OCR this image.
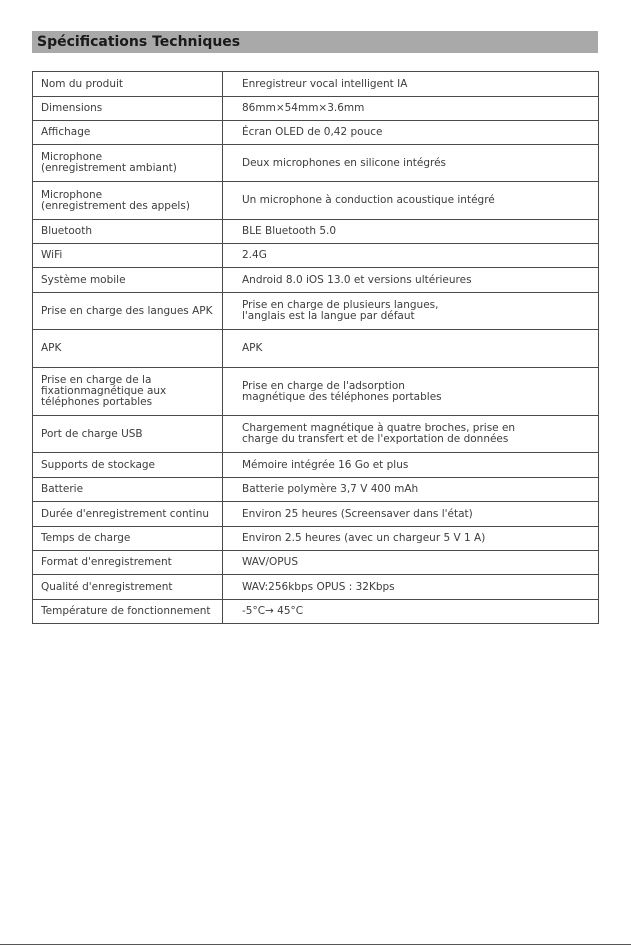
Spécifications Techniques
Nom du produit	Enregistreur vocal intelligent IA
Dimensions	86mm×54mm×3.6mm
Affichage	Écran OLED de 0,42 pouce
Microphone
(enregistrement ambiant)	Deux microphones en silicone intégrés
Microphone
(enregistrement des appels)	Un microphone à conduction acoustique intégré
Bluetooth	BLE Bluetooth 5.0
WiFi	2.4G
Système mobile	Android 8.0 iOS 13.0 et versions ultérieures
Prise en charge des langues APK	Prise en charge de plusieurs langues,
l'anglais est la langue par défaut
APK	APK
Prise en charge de la
fixationmagnétique aux
téléphones portables	Prise en charge de l'adsorption
magnétique des téléphones portables
Port de charge USB	Chargement magnétique à quatre broches, prise en
charge du transfert et de l'exportation de données
Supports de stockage	Mémoire intégrée 16 Go et plus
Batterie	Batterie polymère 3,7 V 400 mAh
Durée d'enregistrement continu	Environ 25 heures (Screensaver dans l'état)
Temps de charge	Environ 2.5 heures (avec un chargeur 5 V 1 A)
Format d'enregistrement	WAV/OPUS
Qualité d'enregistrement	WAV:256kbps OPUS : 32Kbps
Température de fonctionnement	-5°C→ 45°C
